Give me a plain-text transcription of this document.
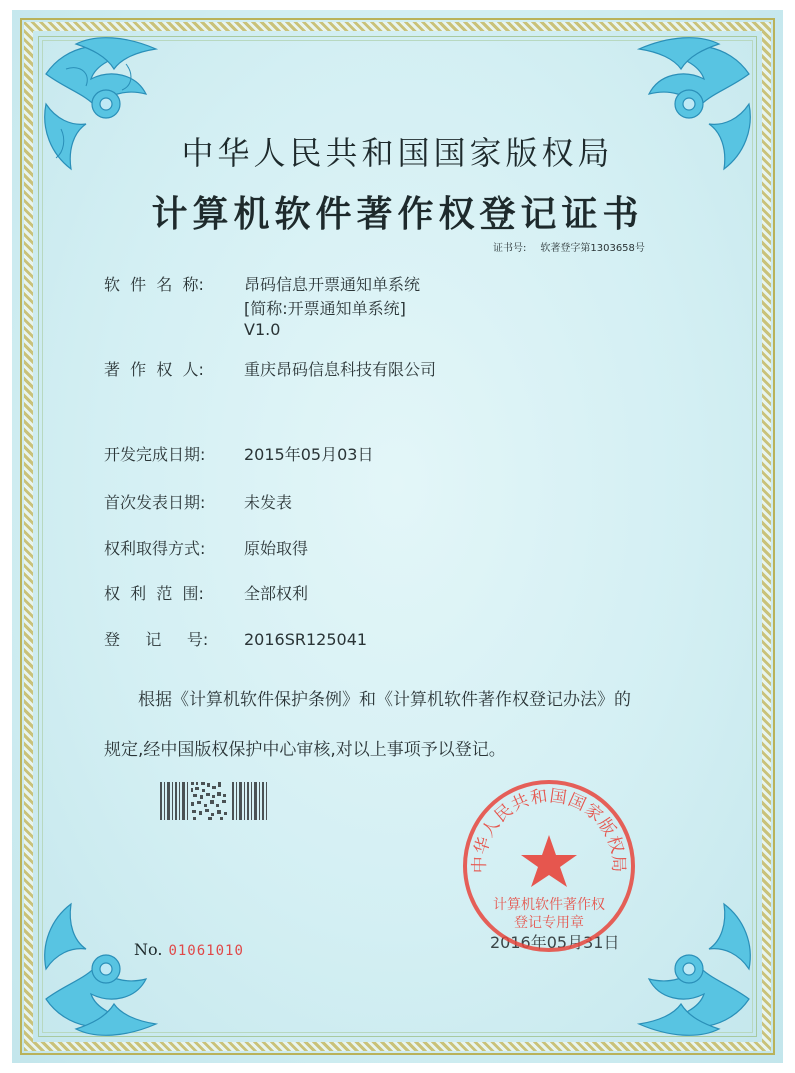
中华人民共和国国家版权局
计算机软件著作权登记证书
证书号: 软著登字第1303658号
软  件  名  称:	昂码信息开票通知单系统
[简称:开票通知单系统]
V1.0
著  作  权  人:	重庆昂码信息科技有限公司
开发完成日期: 2015年05月03日
首次发表日期: 未发表
权利取得方式: 原始取得
权  利  范  围:	全部权利
登     记     号: 2016SR125041
根据《计算机软件保护条例》和《计算机软件著作权登记办法》的
规定,经中国版权保护中心审核,对以上事项予以登记。
No. 01061010	2016年05月31日
中华人民共和国国家版权局
计算机软件著作权
登记专用章
